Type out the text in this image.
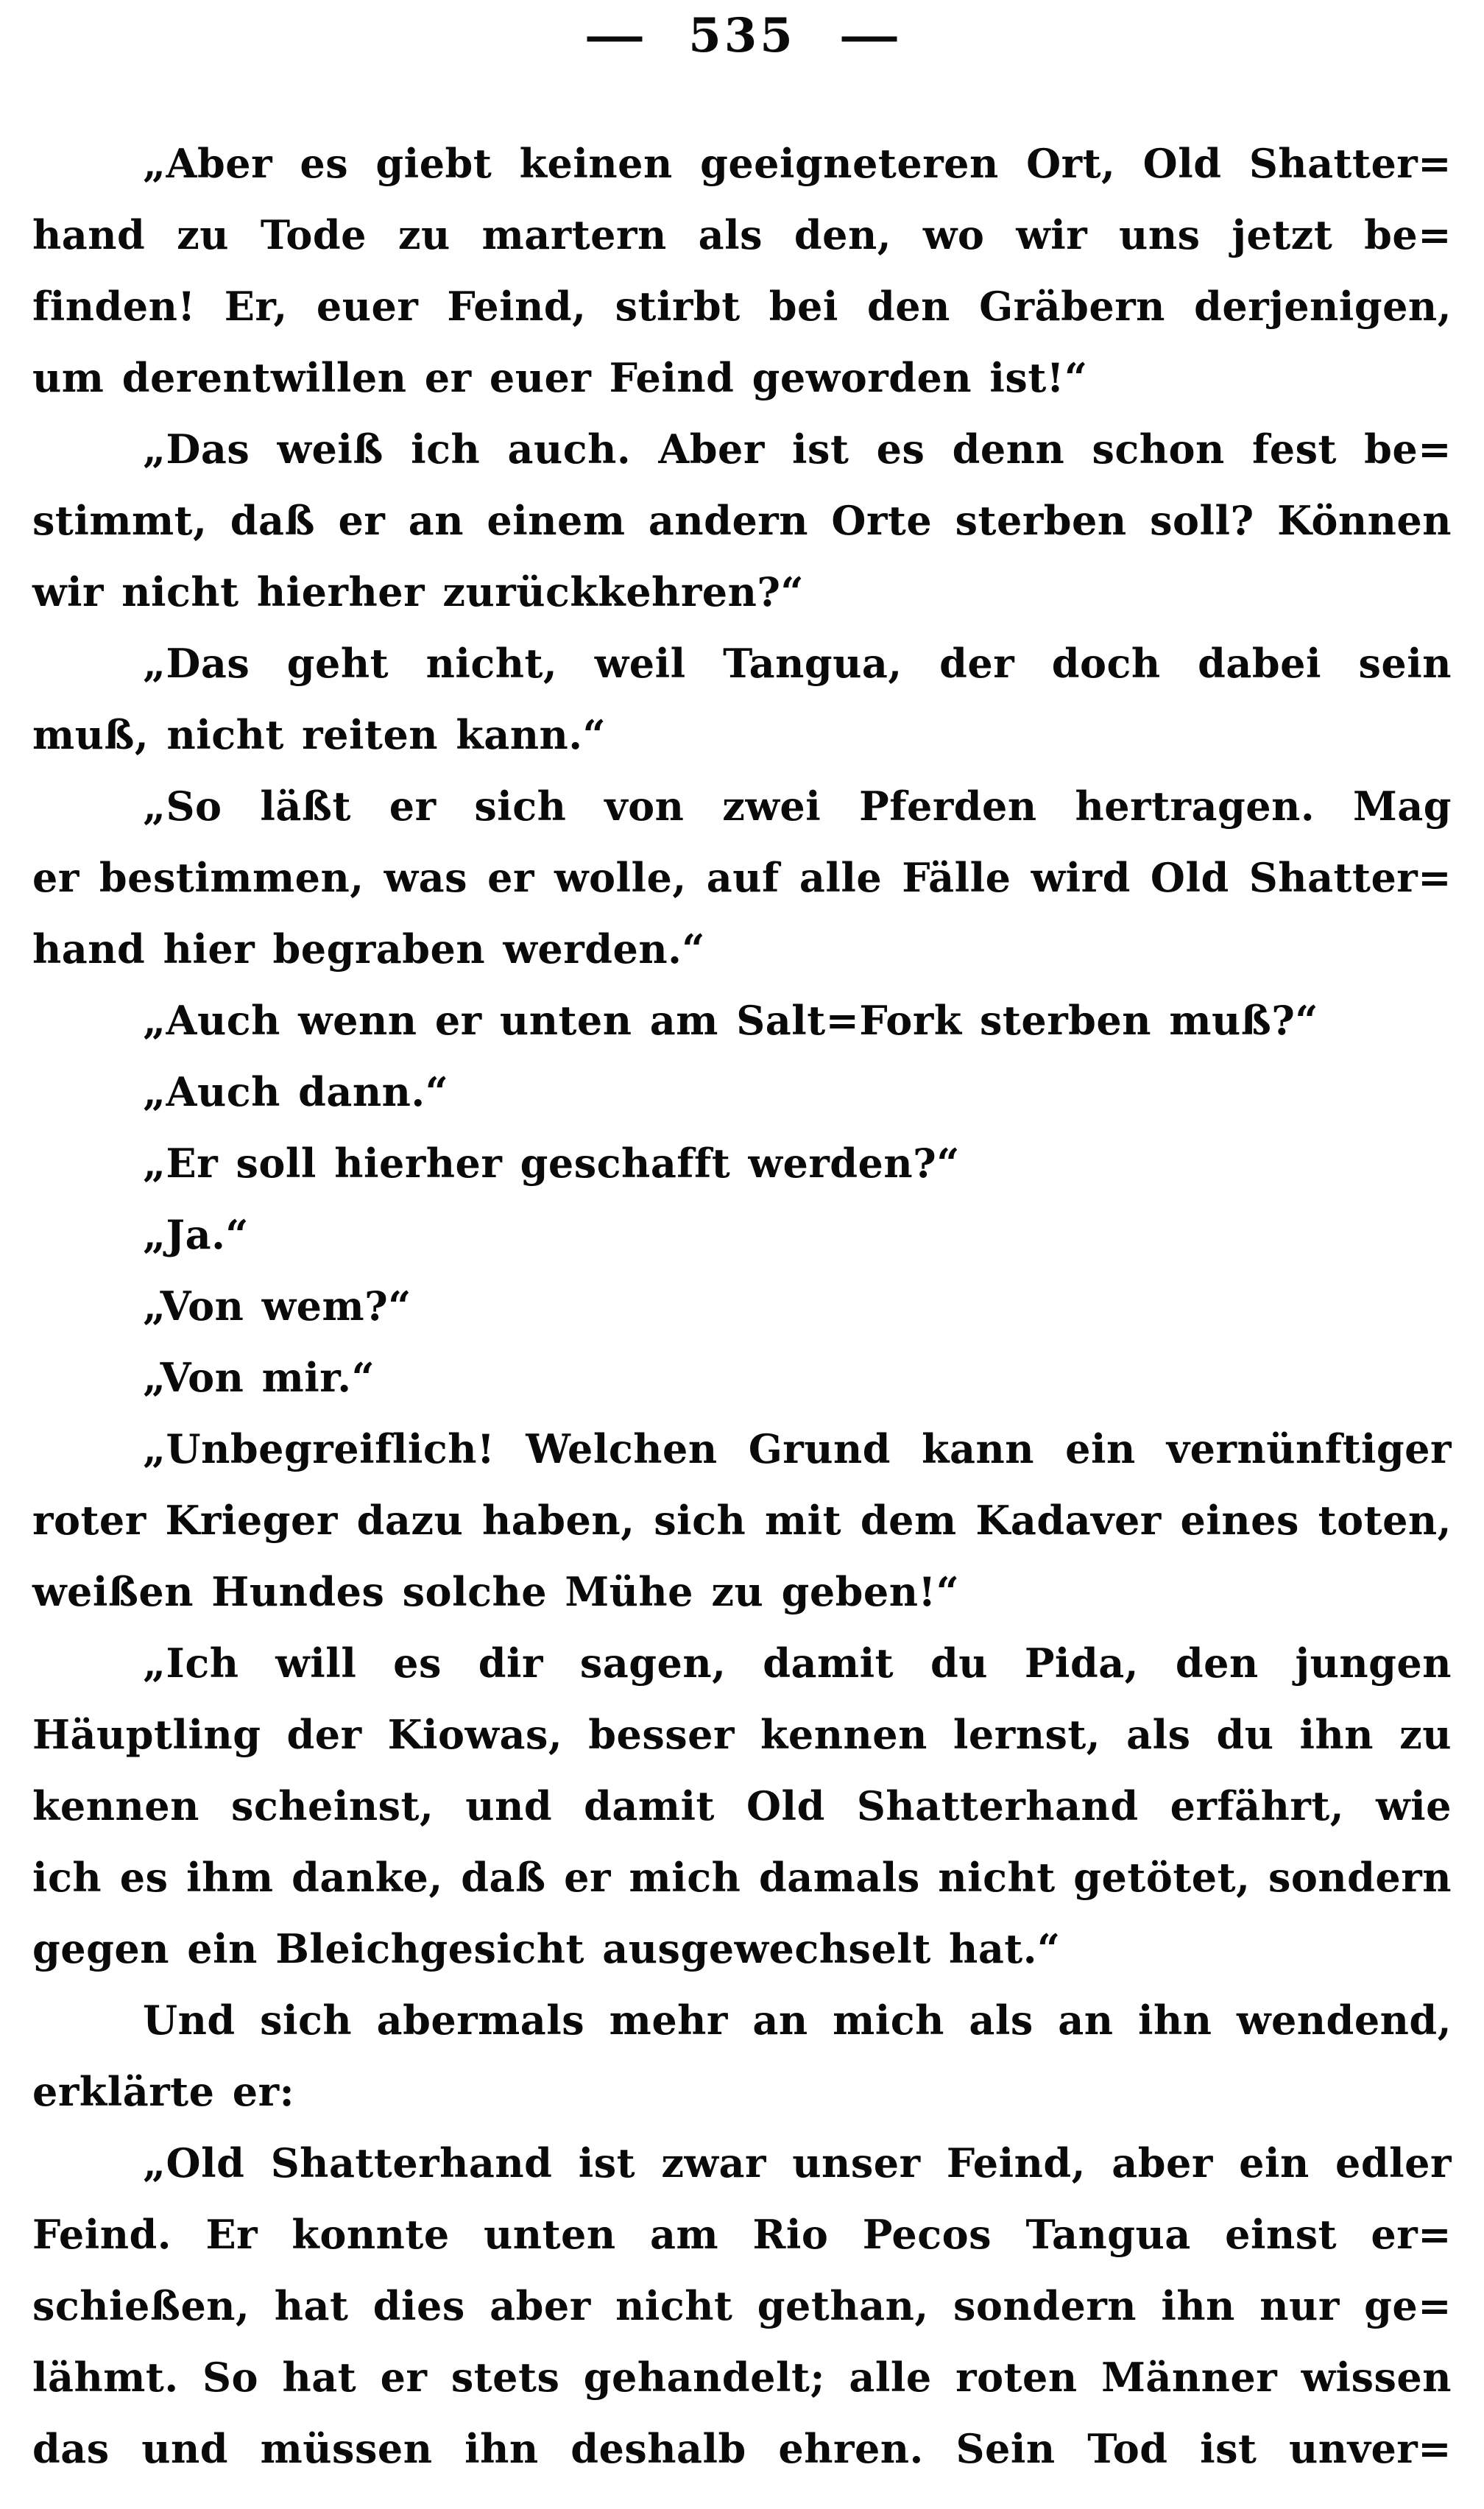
— 535 —
„Aber es giebt keinen geeigneteren Ort, Old Shatter=
hand zu Tode zu martern als den, wo wir uns jetzt be=
finden! Er, euer Feind, stirbt bei den Gräbern derjenigen,
um derentwillen er euer Feind geworden ist!“
„Das weiß ich auch. Aber ist es denn schon fest be=
stimmt, daß er an einem andern Orte sterben soll? Können
wir nicht hierher zurückkehren?“
„Das geht nicht, weil Tangua, der doch dabei sein
muß, nicht reiten kann.“
„So läßt er sich von zwei Pferden hertragen. Mag
er bestimmen, was er wolle, auf alle Fälle wird Old Shatter=
hand hier begraben werden.“
„Auch wenn er unten am Salt=Fork sterben muß?“
„Auch dann.“
„Er soll hierher geschafft werden?“
„Ja.“
„Von wem?“
„Von mir.“
„Unbegreiflich! Welchen Grund kann ein vernünftiger
roter Krieger dazu haben, sich mit dem Kadaver eines toten,
weißen Hundes solche Mühe zu geben!“
„Ich will es dir sagen, damit du Pida, den jungen
Häuptling der Kiowas, besser kennen lernst, als du ihn zu
kennen scheinst, und damit Old Shatterhand erfährt, wie
ich es ihm danke, daß er mich damals nicht getötet, sondern
gegen ein Bleichgesicht ausgewechselt hat.“
Und sich abermals mehr an mich als an ihn wendend,
erklärte er:
„Old Shatterhand ist zwar unser Feind, aber ein edler
Feind. Er konnte unten am Rio Pecos Tangua einst er=
schießen, hat dies aber nicht gethan, sondern ihn nur ge=
lähmt. So hat er stets gehandelt; alle roten Männer wissen
das und müssen ihn deshalb ehren. Sein Tod ist unver=
